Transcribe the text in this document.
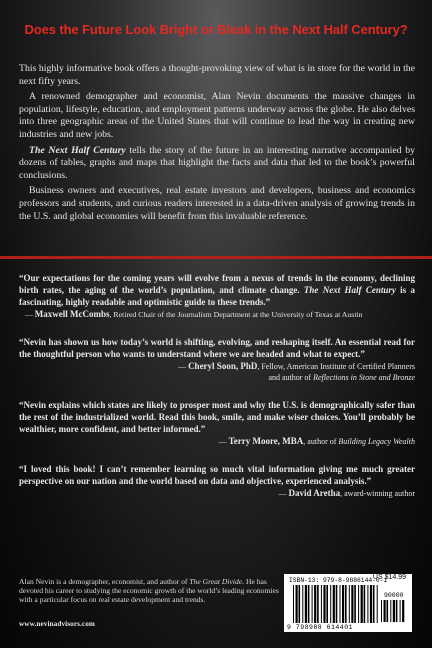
Does the Future Look Bright or Bleak in the Next Half Century?

This highly informative book offers a thought-provoking view of what is in store for the world in the next fifty years.

A renowned demographer and economist, Alan Nevin documents the massive changes in population, lifestyle, education, and employment patterns underway across the globe. He also delves into three geographic areas of the United States that will continue to lead the way in creating new industries and new jobs.

The Next Half Century tells the story of the future in an interesting narrative accompanied by dozens of tables, graphs and maps that highlight the facts and data that led to the book’s powerful conclusions.

Business owners and executives, real estate investors and developers, business and economics professors and students, and curious readers interested in a data-driven analysis of growing trends in the U.S. and global economies will benefit from this invaluable reference.

“Our expectations for the coming years will evolve from a nexus of trends in the economy, declining birth rates, the aging of the world’s population, and climate change. The Next Half Century is a fascinating, highly readable and optimistic guide to these trends.”
— Maxwell McCombs, Retired Chair of the Journalism Department at the University of Texas at Austin
“Nevin has shown us how today’s world is shifting, evolving, and reshaping itself. An essential read for the thoughtful person who wants to understand where we are headed and what to expect.”
— Cheryl Soon, PhD, Fellow, American Institute of Certified Planners
and author of Reflections in Stone and Bronze
“Nevin explains which states are likely to prosper most and why the U.S. is demographically safer than the rest of the industrialized world. Read this book, smile, and make wiser choices. You’ll probably be wealthier, more confident, and better informed.”
— Terry Moore, MBA, author of Building Legacy Wealth
“I loved this book! I can’t remember learning so much vital information giving me much greater perspective on our nation and the world based on data and objective, experienced analysis.”
— David Aretha, award-winning author
Alan Nevin is a demographer, economist, and author of The Great Divide. He has devoted his career to studying the economic growth of the world’s leading economies with a particular focus on real estate development and trends.
www.nevinadvisors.com
ISBN-13: 979-8-9886144-0-1
US $14.99
90000
9 798988 614401
